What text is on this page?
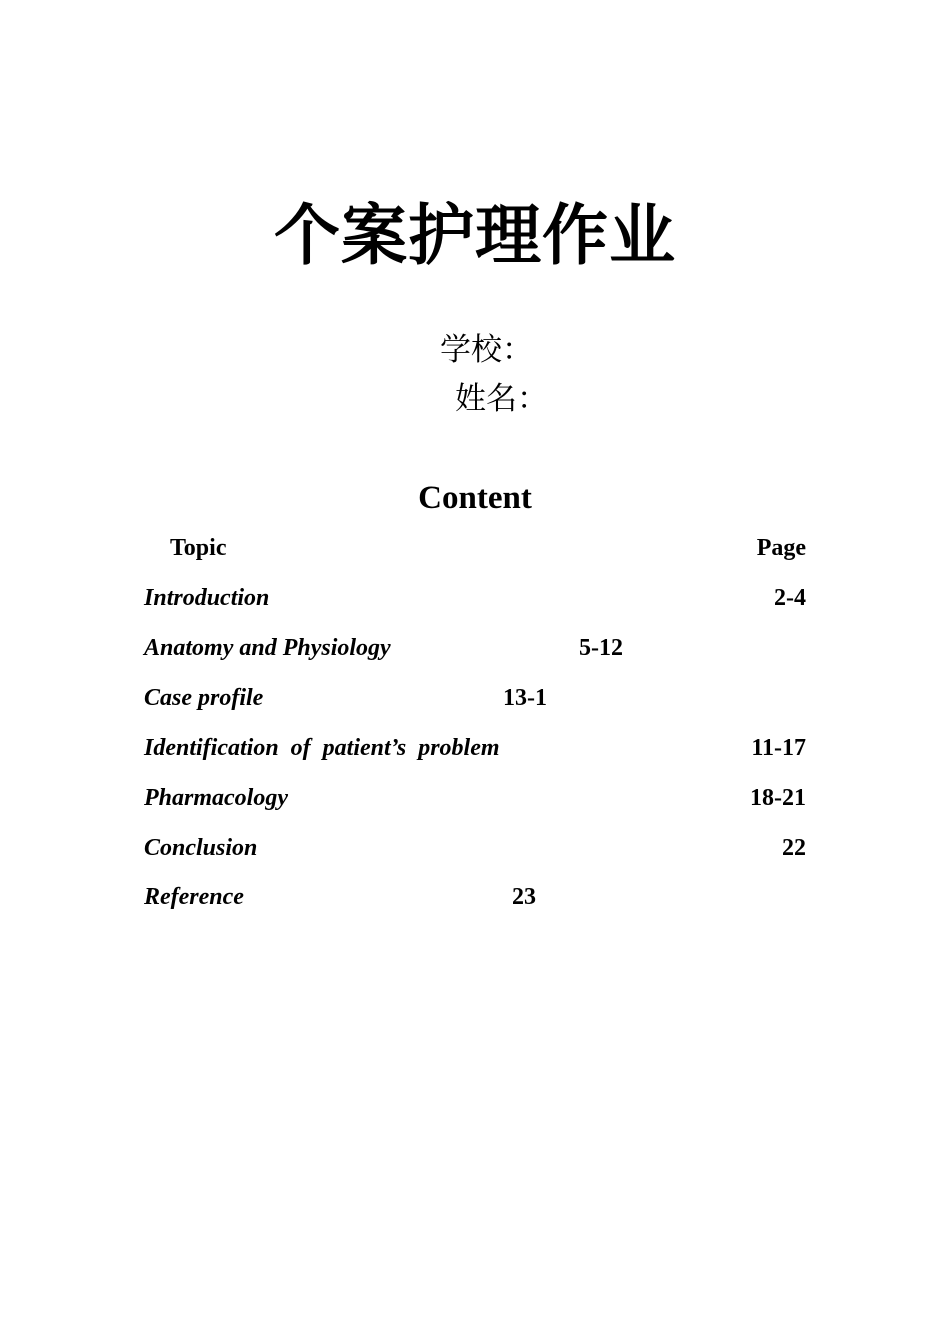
个案护理作业
学校：
姓名：
Content
Topic	Page
Introduction	2-4
Anatomy and Physiology	5-12
Case profile	13-1
Identification  of  patient’s  problem	11-17
Pharmacology	18-21
Conclusion	22
Reference	23
